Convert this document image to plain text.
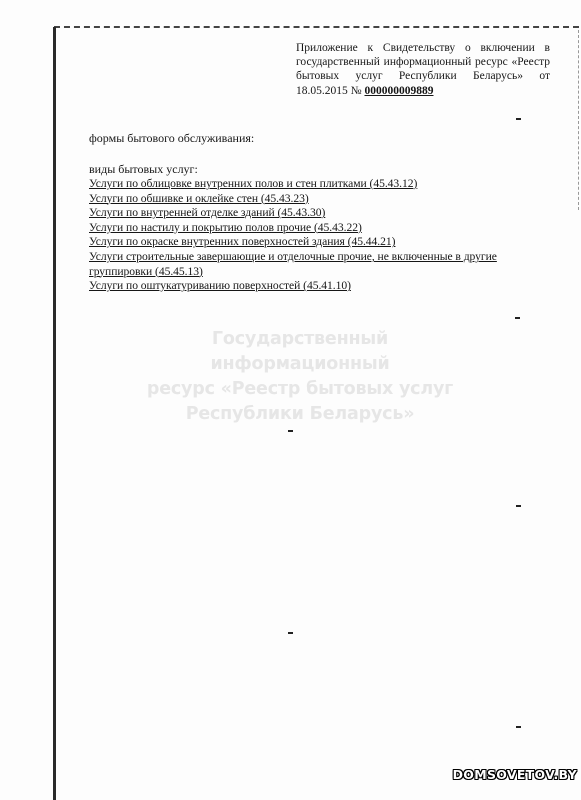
Приложение к Свидетельству о включении в государственный информационный ресурс «Реестр бытовых услуг Республики Беларусь» от 18.05.2015 № 000000009889
формы бытового обслуживания:
виды бытовых услуг:
Услуги по облицовке внутренних полов и стен плитками (45.43.12)
Услуги по обшивке и оклейке стен (45.43.23)
Услуги по внутренней отделке зданий (45.43.30)
Услуги по настилу и покрытию полов прочие (45.43.22)
Услуги по окраске внутренних поверхностей здания (45.44.21)
Услуги строительные завершающие и отделочные прочие, не включенные в другие группировки (45.45.13)
Услуги по оштукатуриванию поверхностей (45.41.10)
Государственный информационный
ресурс «Реестр бытовых услуг
Республики Беларусь»
DOMSOVETOV.BY
